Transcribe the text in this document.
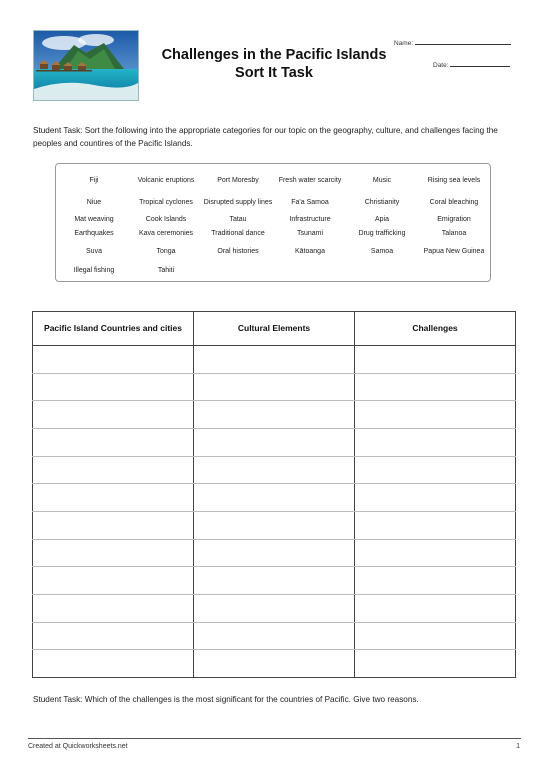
Challenges in the Pacific Islands Sort It Task
Name:
Date:
Student Task: Sort the following into the appropriate categories for our topic on the geography, culture, and challenges facing the peoples and countires of the Pacific Islands.
Fiji	Volcanic eruptions	Port Moresby	Fresh water scarcity	Music	Rising sea levels
Niue	Tropical cyclones	Disrupted supply lines	Fa'a Samoa	Christianity	Coral bleaching
Mat weaving	Cook Islands	Tatau	Infrastructure	Apia	Emigration
Earthquakes	Kava ceremonies	Traditional dance	Tsunami	Drug trafficking	Talanoa
Suva	Tonga	Oral histories	Kātoanga	Samoa	Papua New Guinea
Illegal fishing	Tahiti
Pacific Island Countries and cities	Cultural Elements	Challenges

Student Task: Which of the challenges is the most significant for the countries of Pacific. Give two reasons.
Created at Quickworksheets.net	1
